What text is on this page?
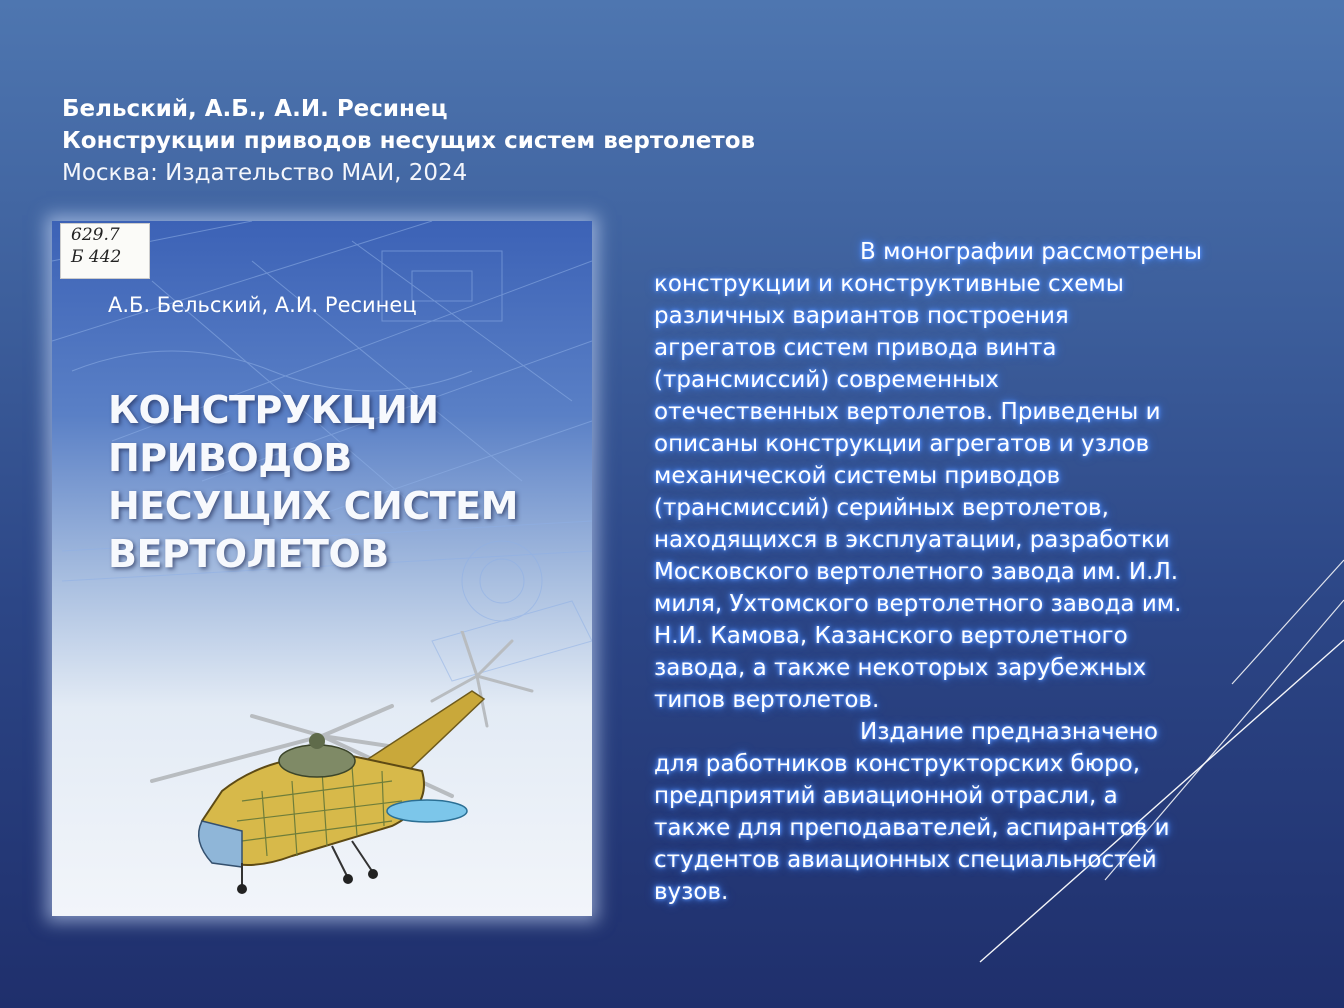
Бельский, А.Б., А.И. Ресинец
Конструкции приводов несущих систем вертолетов
Москва: Издательство МАИ, 2024
629.7
Б 442
А.Б. Бельский, А.И. Ресинец
КОНСТРУКЦИИ
ПРИВОДОВ
НЕСУЩИХ СИСТЕМ
ВЕРТОЛЕТОВ
В монографии рассмотрены
конструкции и конструктивные схемы
различных вариантов построения
агрегатов систем привода винта
(трансмиссий) современных
отечественных вертолетов. Приведены и
описаны конструкции агрегатов и узлов
механической системы приводов
(трансмиссий) серийных вертолетов,
находящихся в эксплуатации, разработки
Московского вертолетного завода им. И.Л.
миля, Ухтомского вертолетного завода им.
Н.И. Камова, Казанского вертолетного
завода, а также некоторых зарубежных
типов вертолетов.
Издание предназначено
для работников конструкторских бюро,
предприятий авиационной отрасли, а
также для преподавателей, аспирантов и
студентов авиационных специальностей
вузов.
